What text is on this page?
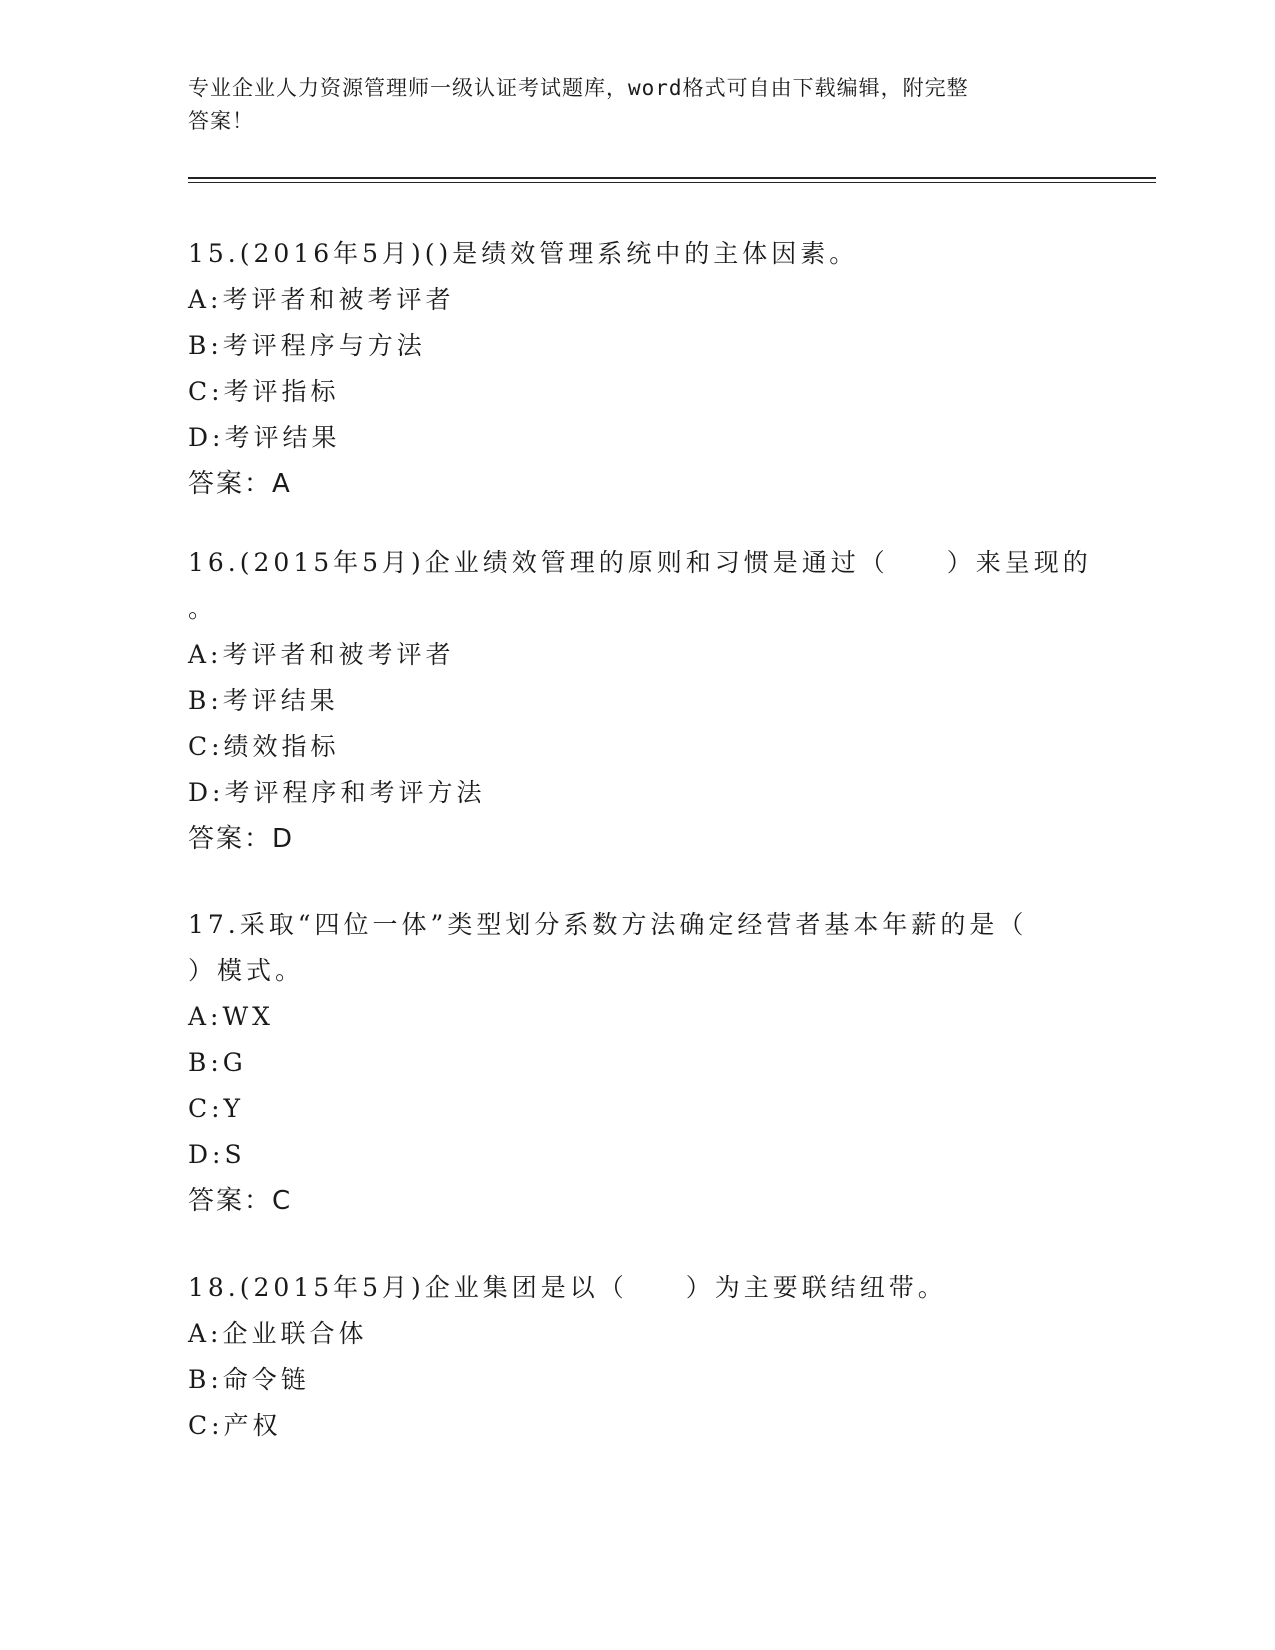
专业企业人力资源管理师一级认证考试题库，word格式可自由下载编辑，附完整
答案！
15.(2016年5月)()是绩效管理系统中的主体因素。
A:考评者和被考评者
B:考评程序与方法
C:考评指标
D:考评结果
答案：A
16.(2015年5月)企业绩效管理的原则和习惯是通过（　　）来呈现的
。
A:考评者和被考评者
B:考评结果
C:绩效指标
D:考评程序和考评方法
答案：D
17.采取“四位一体”类型划分系数方法确定经营者基本年薪的是（
）模式。
A:WX
B:G
C:Y
D:S
答案：C
18.(2015年5月)企业集团是以（　　）为主要联结纽带。
A:企业联合体
B:命令链
C:产权
